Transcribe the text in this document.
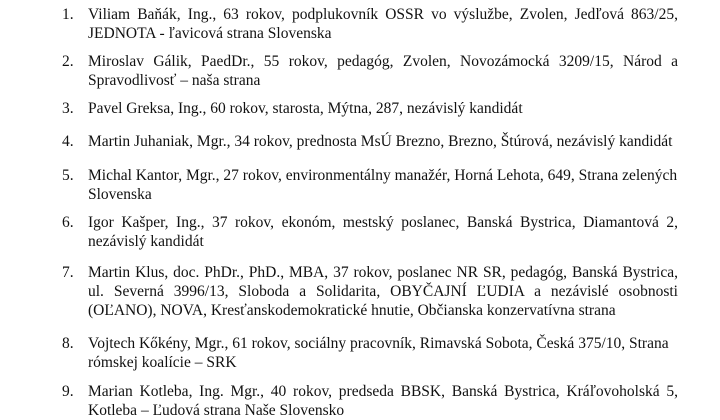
1. Viliam Baňák, Ing., 63 rokov, podplukovník OSSR vo výslužbe, Zvolen, Jedľová 863/25,
JEDNOTA - ľavicová strana Slovenska
2. Miroslav Gálik, PaedDr., 55 rokov, pedagóg, Zvolen, Novozámocká 3209/15, Národ a
Spravodlivosť – naša strana
3. Pavel Greksa, Ing., 60 rokov, starosta, Mýtna, 287, nezávislý kandidát
4. Martin Juhaniak, Mgr., 34 rokov, prednosta MsÚ Brezno, Brezno, Štúrová, nezávislý kandidát
5. Michal Kantor, Mgr., 27 rokov, environmentálny manažér, Horná Lehota, 649, Strana zelených
Slovenska
6. Igor Kašper, Ing., 37 rokov, ekonóm, mestský poslanec, Banská Bystrica, Diamantová 2,
nezávislý kandidát
7. Martin Klus, doc. PhDr., PhD., MBA, 37 rokov, poslanec NR SR, pedagóg, Banská Bystrica,
ul. Severná 3996/13, Sloboda a Solidarita, OBYČAJNÍ ĽUDIA a nezávislé osobnosti
(OĽANO), NOVA, Kresťanskodemokratické hnutie, Občianska konzervatívna strana
8. Vojtech Kőkény, Mgr., 61 rokov, sociálny pracovník, Rimavská Sobota, Česká 375/10, Strana
rómskej koalície – SRK
9. Marian Kotleba, Ing. Mgr., 40 rokov, predseda BBSK, Banská Bystrica, Kráľovoholská 5,
Kotleba – Ľudová strana Naše Slovensko
